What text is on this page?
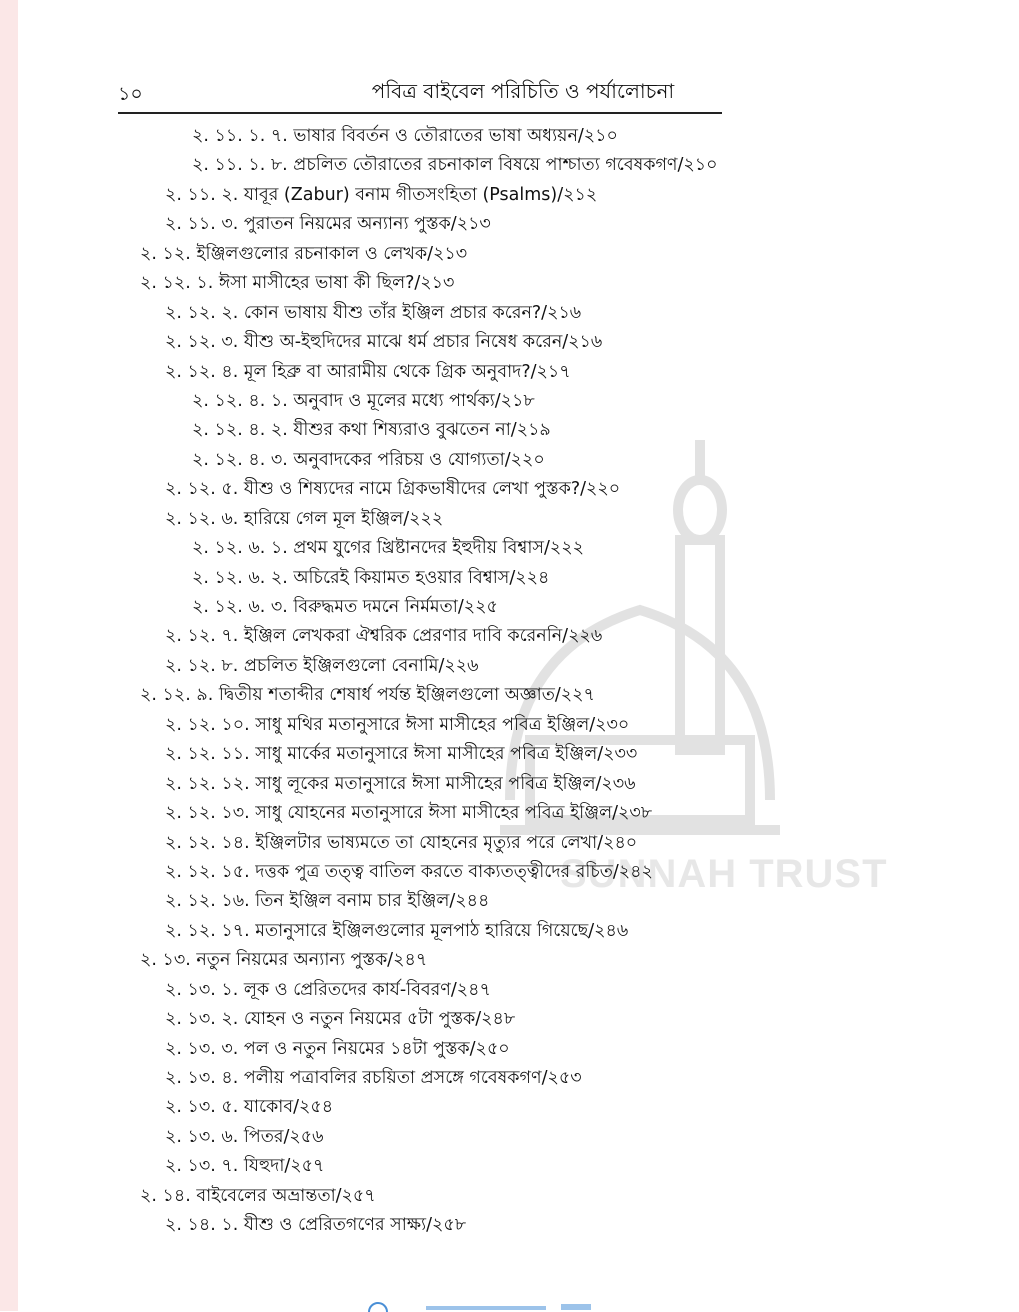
১০	পবিত্র বাইবেল পরিচিতি ও পর্যালোচনা
SUNNAH TRUST
২. ১১. ১. ৭. ভাষার বিবর্তন ও তৌরাতের ভাষা অধ্যয়ন/২১০
২. ১১. ১. ৮. প্রচলিত তৌরাতের রচনাকাল বিষয়ে পাশ্চাত্য গবেষকগণ/২১০
২. ১১. ২. যাবূর (Zabur) বনাম গীতসংহিতা (Psalms)/২১২
২. ১১. ৩. পুরাতন নিয়মের অন্যান্য পুস্তক/২১৩
২. ১২. ইঞ্জিলগুলোর রচনাকাল ও লেখক/২১৩
২. ১২. ১. ঈসা মাসীহের ভাষা কী ছিল?/২১৩
২. ১২. ২. কোন ভাষায় যীশু তাঁর ইঞ্জিল প্রচার করেন?/২১৬
২. ১২. ৩. যীশু অ-ইহুদিদের মাঝে ধর্ম প্রচার নিষেধ করেন/২১৬
২. ১২. ৪. মূল হিব্রু বা আরামীয় থেকে গ্রিক অনুবাদ?/২১৭
২. ১২. ৪. ১. অনুবাদ ও মূলের মধ্যে পার্থক্য/২১৮
২. ১২. ৪. ২. যীশুর কথা শিষ্যরাও বুঝতেন না/২১৯
২. ১২. ৪. ৩. অনুবাদকের পরিচয় ও যোগ্যতা/২২০
২. ১২. ৫. যীশু ও শিষ্যদের নামে গ্রিকভাষীদের লেখা পুস্তক?/২২০
২. ১২. ৬. হারিয়ে গেল মূল ইঞ্জিল/২২২
২. ১২. ৬. ১. প্রথম যুগের খ্রিষ্টানদের ইহুদীয় বিশ্বাস/২২২
২. ১২. ৬. ২. অচিরেই কিয়ামত হওয়ার বিশ্বাস/২২৪
২. ১২. ৬. ৩. বিরুদ্ধমত দমনে নির্মমতা/২২৫
২. ১২. ৭. ইঞ্জিল লেখকরা ঐশ্বরিক প্রেরণার দাবি করেননি/২২৬
২. ১২. ৮. প্রচলিত ইঞ্জিলগুলো বেনামি/২২৬
২. ১২. ৯. দ্বিতীয় শতাব্দীর শেষার্ধ পর্যন্ত ইঞ্জিলগুলো অজ্ঞাত/২২৭
২. ১২. ১০. সাধু মথির মতানুসারে ঈসা মাসীহের পবিত্র ইঞ্জিল/২৩০
২. ১২. ১১. সাধু মার্কের মতানুসারে ঈসা মাসীহের পবিত্র ইঞ্জিল/২৩৩
২. ১২. ১২. সাধু লূকের মতানুসারে ঈসা মাসীহের পবিত্র ইঞ্জিল/২৩৬
২. ১২. ১৩. সাধু যোহনের মতানুসারে ঈসা মাসীহের পবিত্র ইঞ্জিল/২৩৮
২. ১২. ১৪. ইঞ্জিলটার ভাষ্যমতে তা যোহনের মৃত্যুর পরে লেখা/২৪০
২. ১২. ১৫. দত্তক পুত্র তত্ত্ব বাতিল করতে বাক্যতত্ত্বীদের রচিত/২৪২
২. ১২. ১৬. তিন ইঞ্জিল বনাম চার ইঞ্জিল/২৪৪
২. ১২. ১৭. মতানুসারে ইঞ্জিলগুলোর মূলপাঠ হারিয়ে গিয়েছে/২৪৬
২. ১৩. নতুন নিয়মের অন্যান্য পুস্তক/২৪৭
২. ১৩. ১. লূক ও প্রেরিতদের কার্য-বিবরণ/২৪৭
২. ১৩. ২. যোহন ও নতুন নিয়মের ৫টা পুস্তক/২৪৮
২. ১৩. ৩. পল ও নতুন নিয়মের ১৪টা পুস্তক/২৫০
২. ১৩. ৪. পলীয় পত্রাবলির রচয়িতা প্রসঙ্গে গবেষকগণ/২৫৩
২. ১৩. ৫. যাকোব/২৫৪
২. ১৩. ৬. পিতর/২৫৬
২. ১৩. ৭. যিহুদা/২৫৭
২. ১৪. বাইবেলের অভ্রান্ততা/২৫৭
২. ১৪. ১. যীশু ও প্রেরিতগণের সাক্ষ্য/২৫৮
